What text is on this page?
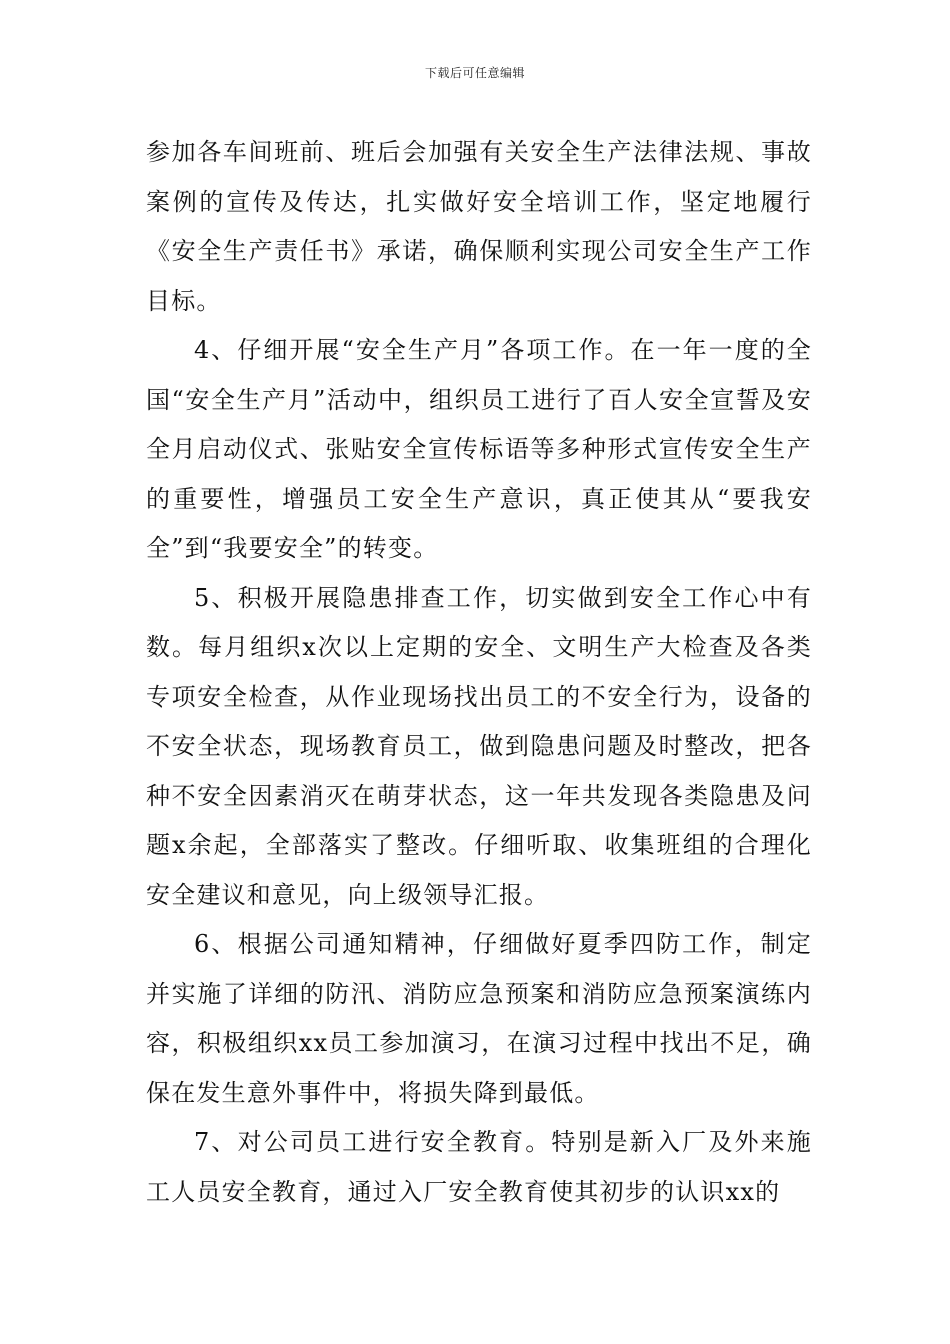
下载后可任意编辑

参加各车间班前、班后会加强有关安全生产法律法规、事故案例的宣传及传达，扎实做好安全培训工作，坚定地履行《安全生产责任书》承诺，确保顺利实现公司安全生产工作目标。

4、仔细开展“安全生产月”各项工作。在一年一度的全国“安全生产月”活动中，组织员工进行了百人安全宣誓及安全月启动仪式、张贴安全宣传标语等多种形式宣传安全生产的重要性，增强员工安全生产意识，真正使其从“要我安全”到“我要安全”的转变。

5、积极开展隐患排查工作，切实做到安全工作心中有数。每月组织x次以上定期的安全、文明生产大检查及各类专项安全检查，从作业现场找出员工的不安全行为，设备的不安全状态，现场教育员工，做到隐患问题及时整改，把各种不安全因素消灭在萌芽状态，这一年共发现各类隐患及问题x余起，全部落实了整改。仔细听取、收集班组的合理化安全建议和意见，向上级领导汇报。

6、根据公司通知精神，仔细做好夏季四防工作，制定并实施了详细的防汛、消防应急预案和消防应急预案演练内容，积极组织xx员工参加演习，在演习过程中找出不足，确保在发生意外事件中，将损失降到最低。

7、对公司员工进行安全教育。特别是新入厂及外来施工人员安全教育，通过入厂安全教育使其初步的认识xx的
